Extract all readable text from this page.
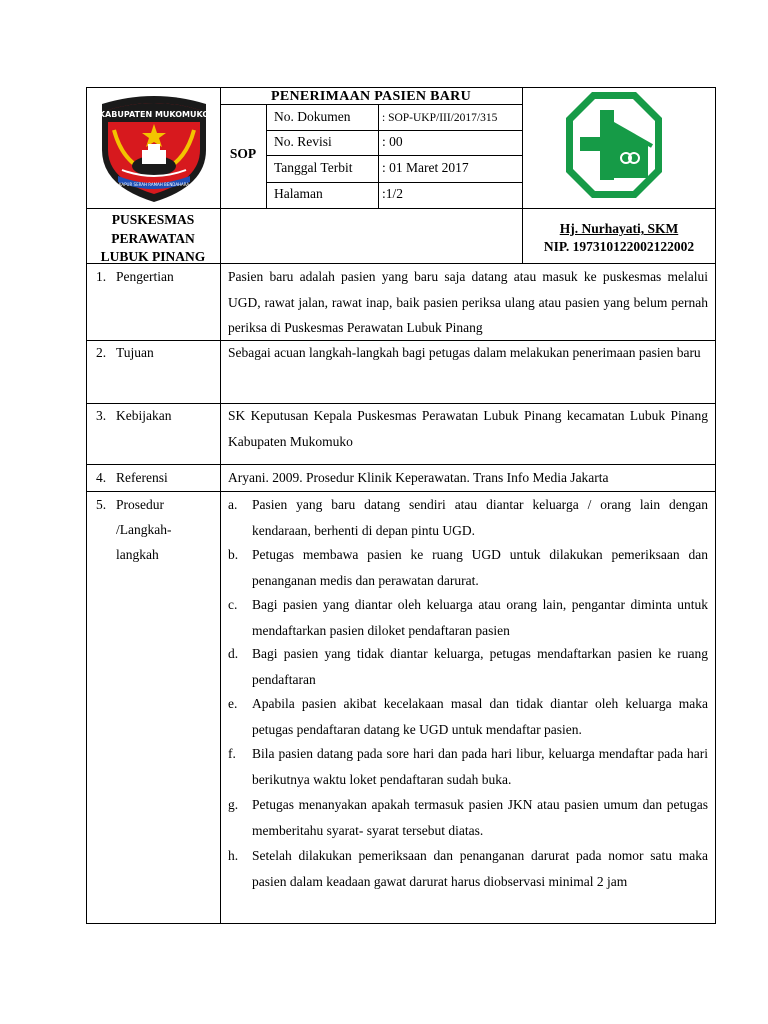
KABUPATEN MUKOMUKO
KAPUR SERAH RAMAH BENDAHARA
PENERIMAAN PASIEN BARU
SOP
No. Dokumen	: SOP-UKP/III/2017/315
No. Revisi	: 00
Tanggal Terbit : 01 Maret 2017
Halaman	:1/2
PUSKESMAS
PERAWATAN
LUBUK PINANG
Hj. Nurhayati, SKM
NIP. 197310122002122002
1. Pengertian	Pasien baru adalah pasien yang baru saja datang atau masuk ke puskesmas melalui UGD, rawat jalan, rawat inap, baik pasien periksa ulang atau pasien yang belum pernah periksa di Puskesmas Perawatan Lubuk Pinang
2. Tujuan	Sebagai acuan langkah-langkah bagi petugas dalam melakukan penerimaan pasien baru
3. Kebijakan	SK Keputusan Kepala Puskesmas Perawatan Lubuk Pinang kecamatan Lubuk Pinang Kabupaten Mukomuko
4. Referensi	Aryani. 2009. Prosedur Klinik Keperawatan. Trans Info Media Jakarta
5. Prosedur
/Langkah-
langkah
a. Pasien yang baru datang sendiri atau diantar keluarga / orang lain dengan kendaraan, berhenti di depan pintu UGD.
b. Petugas membawa pasien ke ruang UGD untuk dilakukan pemeriksaan dan penanganan medis dan perawatan darurat.
c. Bagi pasien yang diantar oleh keluarga atau orang lain, pengantar diminta untuk mendaftarkan pasien diloket pendaftaran pasien
d. Bagi pasien yang tidak diantar keluarga, petugas mendaftarkan pasien ke ruang pendaftaran
e. Apabila pasien akibat kecelakaan masal dan tidak diantar oleh keluarga maka petugas pendaftaran datang ke UGD untuk mendaftar pasien.
f. Bila pasien datang pada sore hari dan pada hari libur, keluarga mendaftar pada hari berikutnya waktu loket pendaftaran sudah buka.
g. Petugas menanyakan apakah termasuk pasien JKN atau pasien umum dan petugas memberitahu syarat- syarat tersebut diatas.
h. Setelah dilakukan pemeriksaan dan penanganan darurat pada nomor satu maka pasien dalam keadaan gawat darurat harus diobservasi minimal 2 jam
